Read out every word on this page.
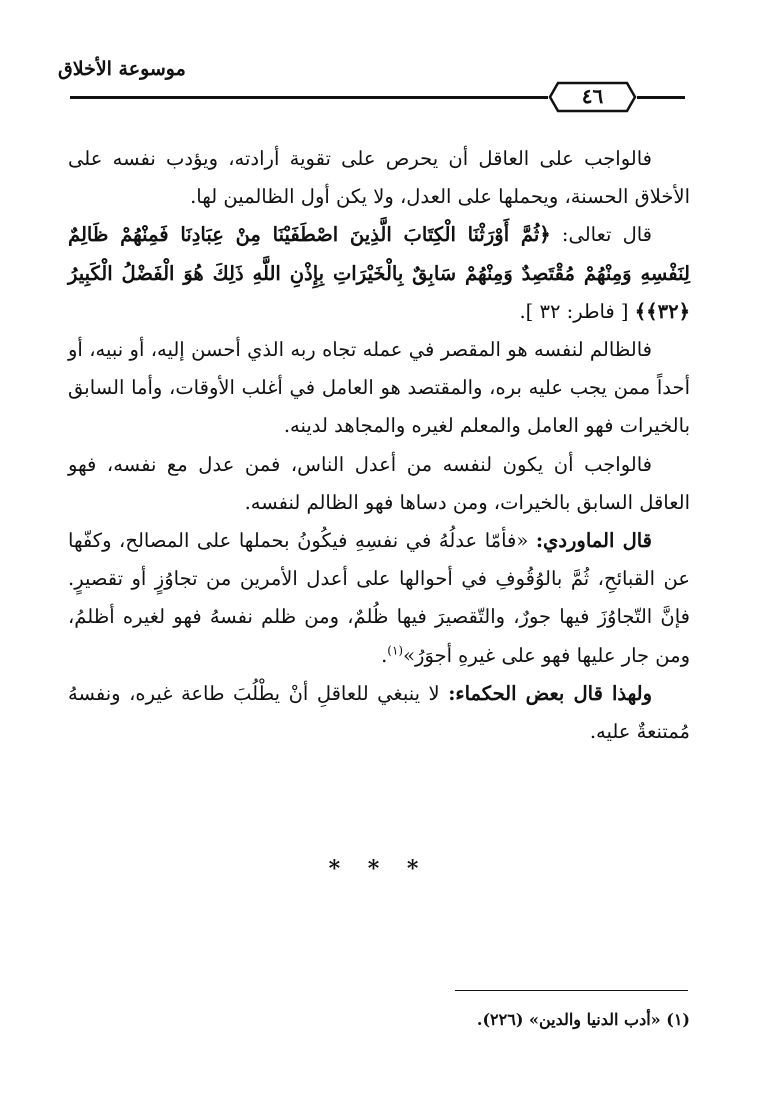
موسوعة الأخلاق
٤٦

فالواجب على العاقل أن يحرص على تقوية أرادته، ويؤدب نفسه على الأخلاق الحسنة، ويحملها على العدل، ولا يكن أول الظالمين لها.

قال تعالى: ﴿ثُمَّ أَوْرَثْنَا الْكِتَابَ الَّذِينَ اصْطَفَيْنَا مِنْ عِبَادِنَا فَمِنْهُمْ ظَالِمٌ لِنَفْسِهِ وَمِنْهُمْ مُقْتَصِدٌ وَمِنْهُمْ سَابِقٌ بِالْخَيْرَاتِ بِإِذْنِ اللَّهِ ذَلِكَ هُوَ الْفَضْلُ الْكَبِيرُ ﴿٣٢﴾﴾ [ فاطر: ٣٢ ].

فالظالم لنفسه هو المقصر في عمله تجاه ربه الذي أحسن إليه، أو نبيه، أو أحداً ممن يجب عليه بره، والمقتصد هو العامل في أغلب الأوقات، وأما السابق بالخيرات فهو العامل والمعلم لغيره والمجاهد لدينه.

فالواجب أن يكون لنفسه من أعدل الناس، فمن عدل مع نفسه، فهو العاقل السابق بالخيرات، ومن دساها فهو الظالم لنفسه.

قال الماوردي: «فأمّا عدلُهُ في نفسِهِ فيكُونُ بحملها على المصالح، وكفّها عن القبائحِ، ثُمَّ بالوُقُوفِ في أحوالها على أعدل الأمرين من تجاوُزٍ أو تقصيرٍ. فإنَّ التّجاوُزَ فيها جورٌ، والتّقصيرَ فيها ظُلمٌ، ومن ظلم نفسهُ فهو لغيره أظلمُ، ومن جار عليها فهو على غيرهِ أجوَرُ»$^{(١)}$.

ولهذا قال بعض الحكماء: لا ينبغي للعاقلِ أنْ يطْلُبَ طاعة غيره، ونفسهُ مُمتنعةٌ عليه.

* * *
(١) «أدب الدنيا والدين» (٢٢٦).
